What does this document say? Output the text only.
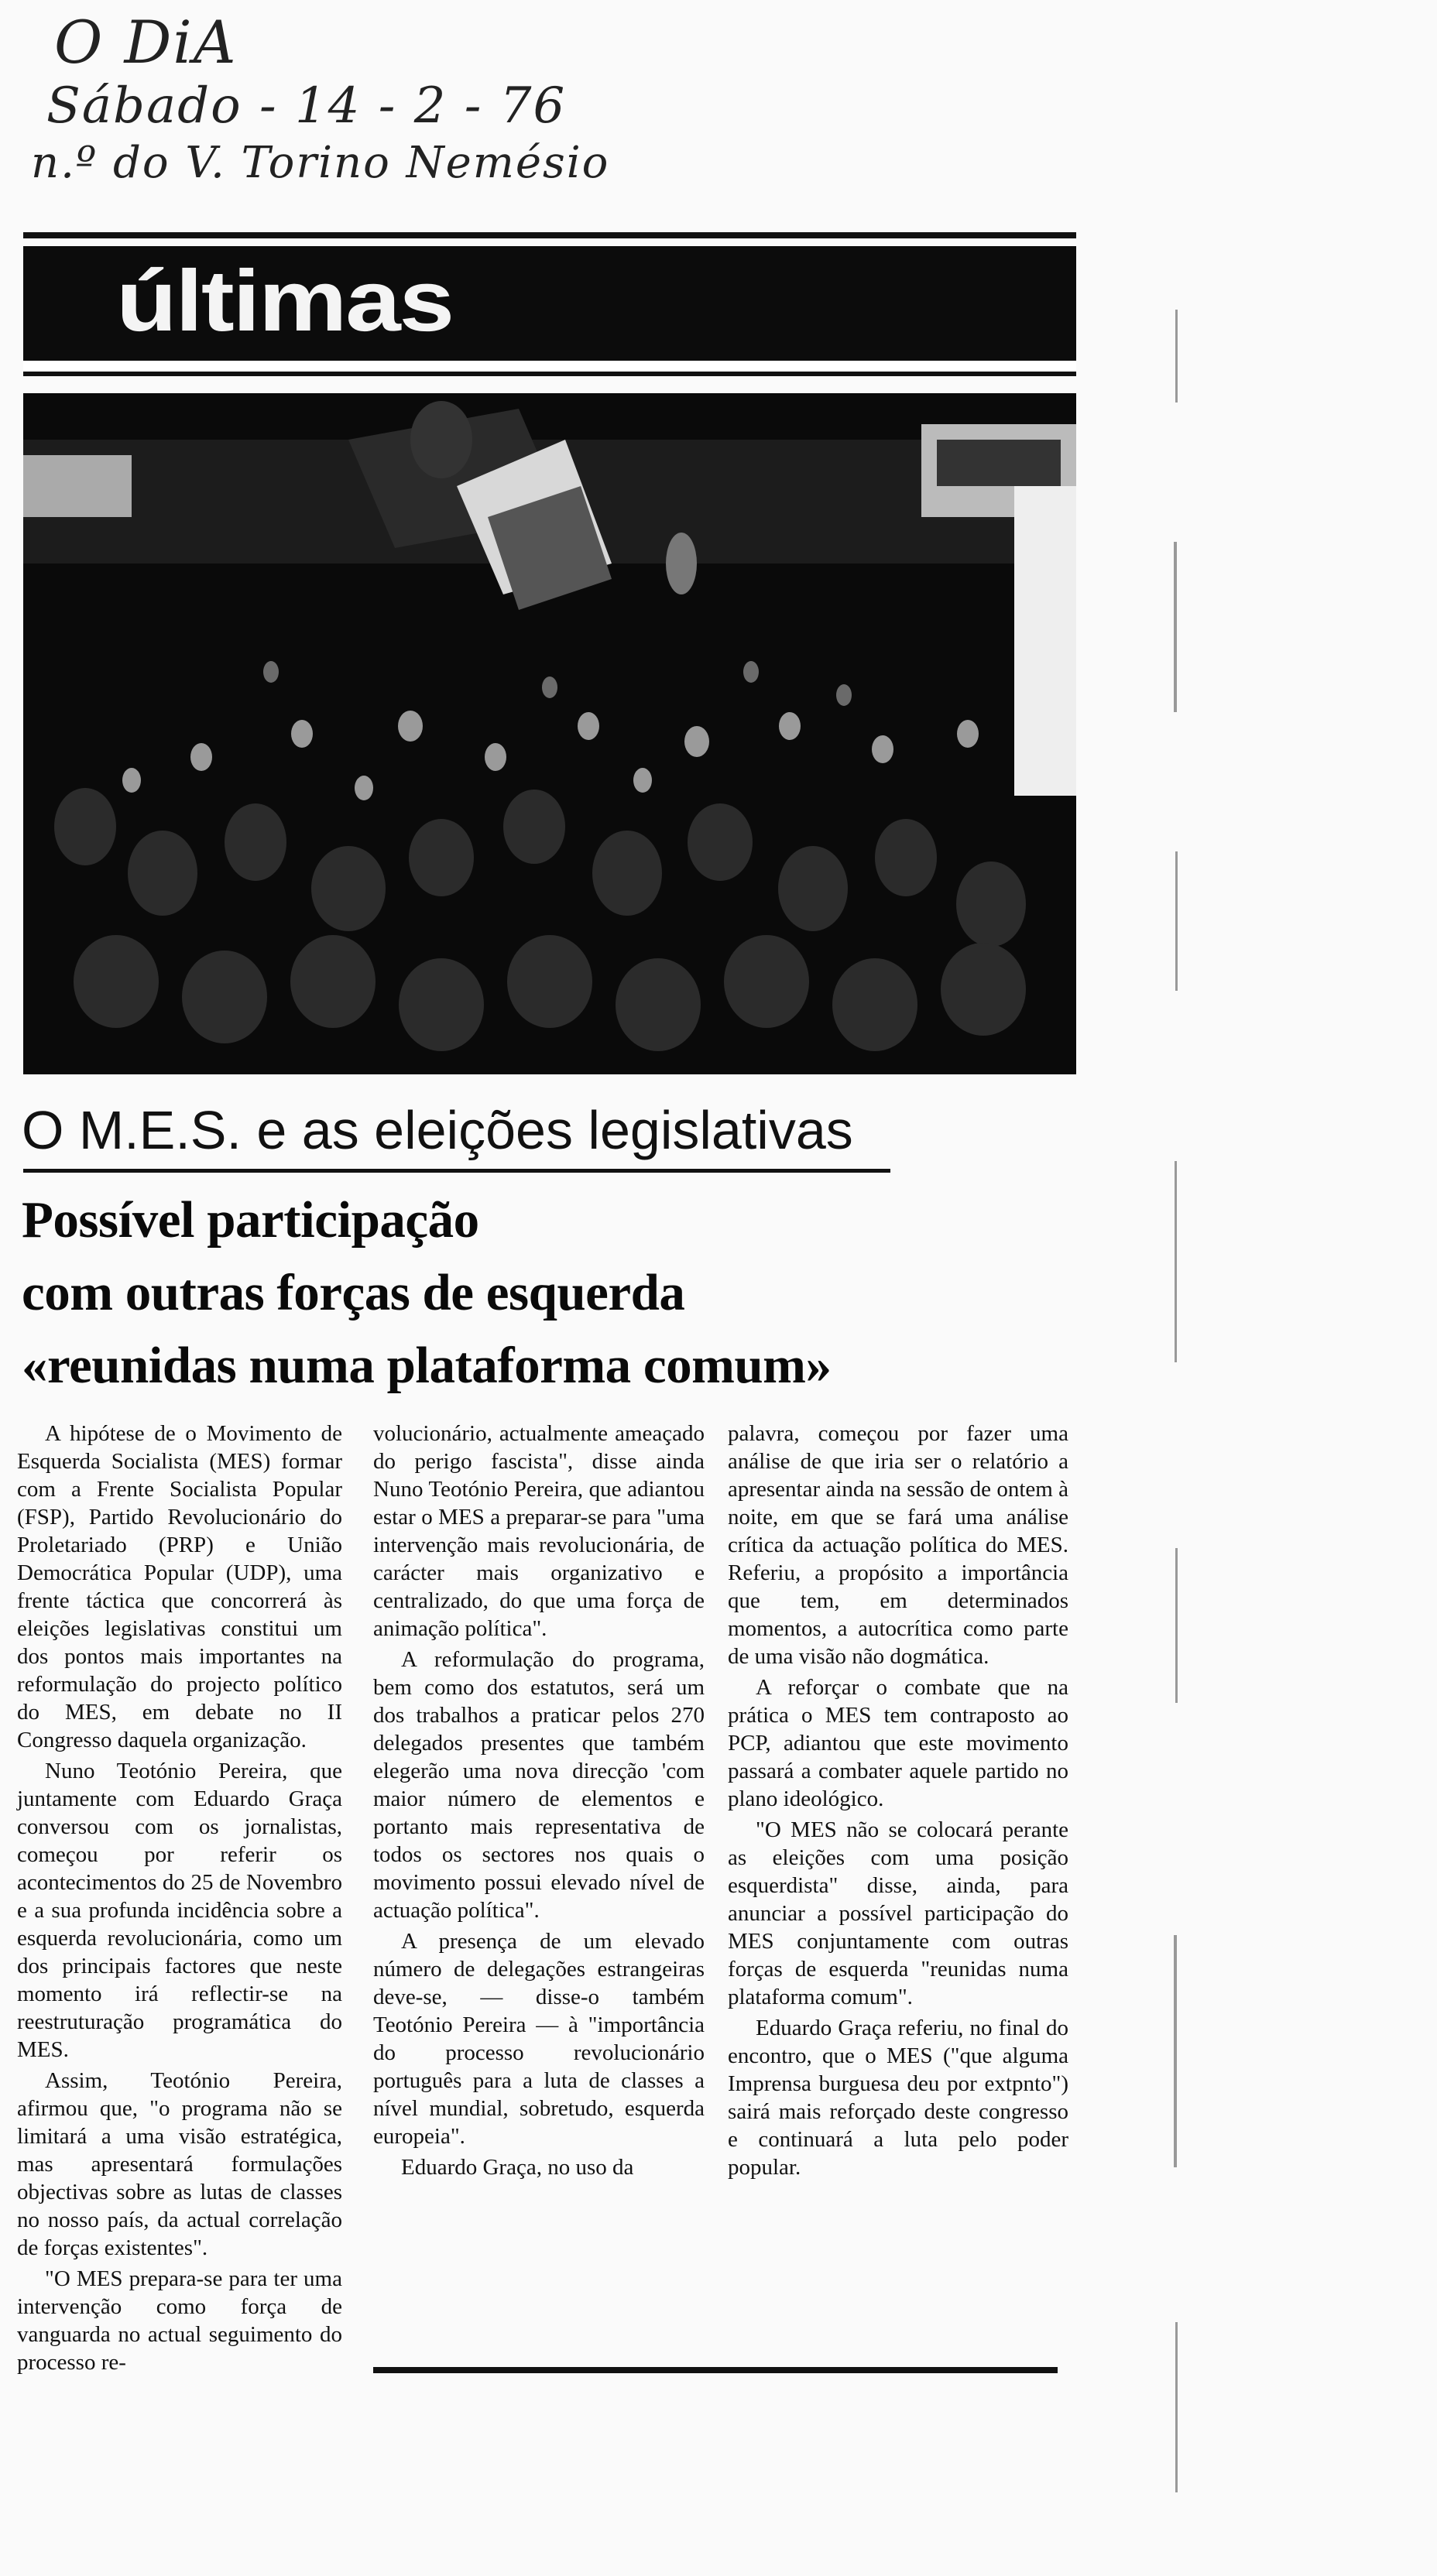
O DiA
Sábado - 14 - 2 - 76
n.º do V. Torino Nemésio
últimas
O M.E.S. e as eleições legislativas
Possível participação
com outras forças de esquerda
«reunidas numa plataforma comum»

A hipótese de o Movimento de Esquerda Socialista (MES) formar com a Frente Socialista Popular (FSP), Partido Revolucionário do Proletariado (PRP) e União Democrática Popular (UDP), uma frente táctica que concorrerá às eleições legislativas constitui um dos pontos mais importantes na reformulação do projecto político do MES, em debate no II Congresso daquela organização.

Nuno Teotónio Pereira, que juntamente com Eduardo Graça conversou com os jornalistas, começou por referir os acontecimentos do 25 de Novembro e a sua profunda incidência sobre a esquerda revolucionária, como um dos principais factores que neste momento irá reflectir-se na reestruturação programática do MES.

Assim, Teotónio Pereira, afirmou que, "o programa não se limitará a uma visão estratégica, mas apresentará formulações objectivas sobre as lutas de classes no nosso país, da actual correlação de forças existentes".

"O MES prepara-se para ter uma intervenção como força de vanguarda no actual seguimento do processo re-

volucionário, actualmente ameaçado do perigo fascista", disse ainda Nuno Teotónio Pereira, que adiantou estar o MES a preparar-se para "uma intervenção mais revolucionária, de carácter mais organizativo e centralizado, do que uma força de animação política".

A reformulação do programa, bem como dos estatutos, será um dos trabalhos a praticar pelos 270 delegados presentes que também elegerão uma nova direcção 'com maior número de elementos e portanto mais representativa de todos os sectores nos quais o movimento possui elevado nível de actuação política".

A presença de um elevado número de delegações estrangeiras deve-se, — disse-o também Teotónio Pereira — à "importância do processo revolucionário português para a luta de classes a nível mundial, sobretudo, esquerda europeia".

Eduardo Graça, no uso da

palavra, começou por fazer uma análise de que iria ser o relatório a apresentar ainda na sessão de ontem à noite, em que se fará uma análise crítica da actuação política do MES. Referiu, a propósito a importância que tem, em determinados momentos, a autocrítica como parte de uma visão não dogmática.

A reforçar o combate que na prática o MES tem contraposto ao PCP, adiantou que este movimento passará a combater aquele partido no plano ideológico.

"O MES não se colocará perante as eleições com uma posição esquerdista" disse, ainda, para anunciar a possível participação do MES conjuntamente com outras forças de esquerda "reunidas numa plataforma comum".

Eduardo Graça referiu, no final do encontro, que o MES ("que alguma Imprensa burguesa deu por extpnto") sairá mais reforçado deste congresso e continuará a luta pelo poder popular.
